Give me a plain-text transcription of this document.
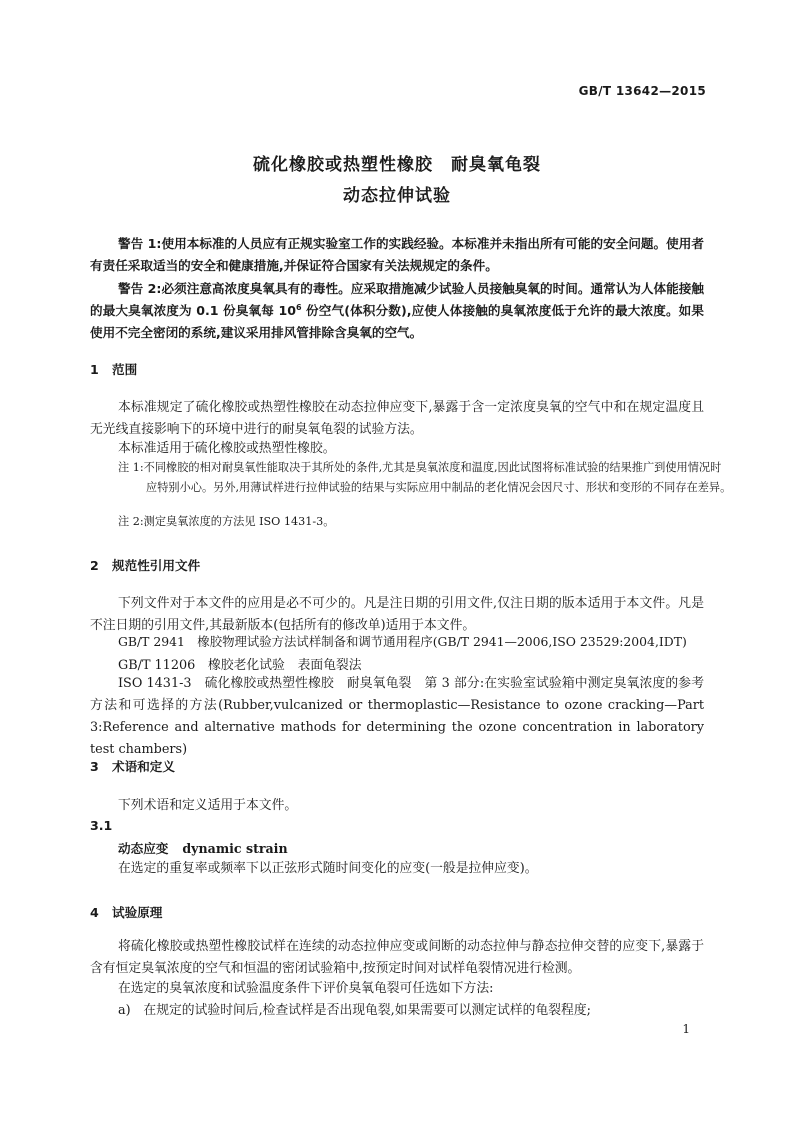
GB/T 13642—2015
硫化橡胶或热塑性橡胶　耐臭氧龟裂
动态拉伸试验

警告 1:使用本标准的人员应有正规实验室工作的实践经验。本标准并未指出所有可能的安全问题。使用者有责任采取适当的安全和健康措施,并保证符合国家有关法规规定的条件。

警告 2:必须注意高浓度臭氧具有的毒性。应采取措施减少试验人员接触臭氧的时间。通常认为人体能接触的最大臭氧浓度为 0.1 份臭氧每 $10^6$ 份空气(体积分数),应使人体接触的臭氧浓度低于允许的最大浓度。如果使用不完全密闭的系统,建议采用排风管排除含臭氧的空气。

1 范围

本标准规定了硫化橡胶或热塑性橡胶在动态拉伸应变下,暴露于含一定浓度臭氧的空气中和在规定温度且无光线直接影响下的环境中进行的耐臭氧龟裂的试验方法。

本标准适用于硫化橡胶或热塑性橡胶。

注 1:不同橡胶的相对耐臭氧性能取决于其所处的条件,尤其是臭氧浓度和温度,因此试图将标准试验的结果推广到使用情况时应特别小心。另外,用薄试样进行拉伸试验的结果与实际应用中制品的老化情况会因尺寸、形状和变形的不同存在差异。

注 2:测定臭氧浓度的方法见 ISO 1431-3。

2 规范性引用文件

下列文件对于本文件的应用是必不可少的。凡是注日期的引用文件,仅注日期的版本适用于本文件。凡是不注日期的引用文件,其最新版本(包括所有的修改单)适用于本文件。

GB/T 2941　橡胶物理试验方法试样制备和调节通用程序(GB/T 2941—2006,ISO 23529:2004,IDT)

GB/T 11206　橡胶老化试验　表面龟裂法

ISO 1431-3　硫化橡胶或热塑性橡胶　耐臭氧龟裂　第 3 部分:在实验室试验箱中测定臭氧浓度的参考方法和可选择的方法(Rubber,vulcanized or thermoplastic—Resistance to ozone cracking—Part 3:Reference and alternative mathods for determining the ozone concentration in laboratory test chambers)

3 术语和定义

下列术语和定义适用于本文件。

3.1
动态应变 dynamic strain

在选定的重复率或频率下以正弦形式随时间变化的应变(一般是拉伸应变)。

4 试验原理

将硫化橡胶或热塑性橡胶试样在连续的动态拉伸应变或间断的动态拉伸与静态拉伸交替的应变下,暴露于含有恒定臭氧浓度的空气和恒温的密闭试验箱中,按预定时间对试样龟裂情况进行检测。

在选定的臭氧浓度和试验温度条件下评价臭氧龟裂可任选如下方法:

a)　在规定的试验时间后,检查试样是否出现龟裂,如果需要可以测定试样的龟裂程度;

1
